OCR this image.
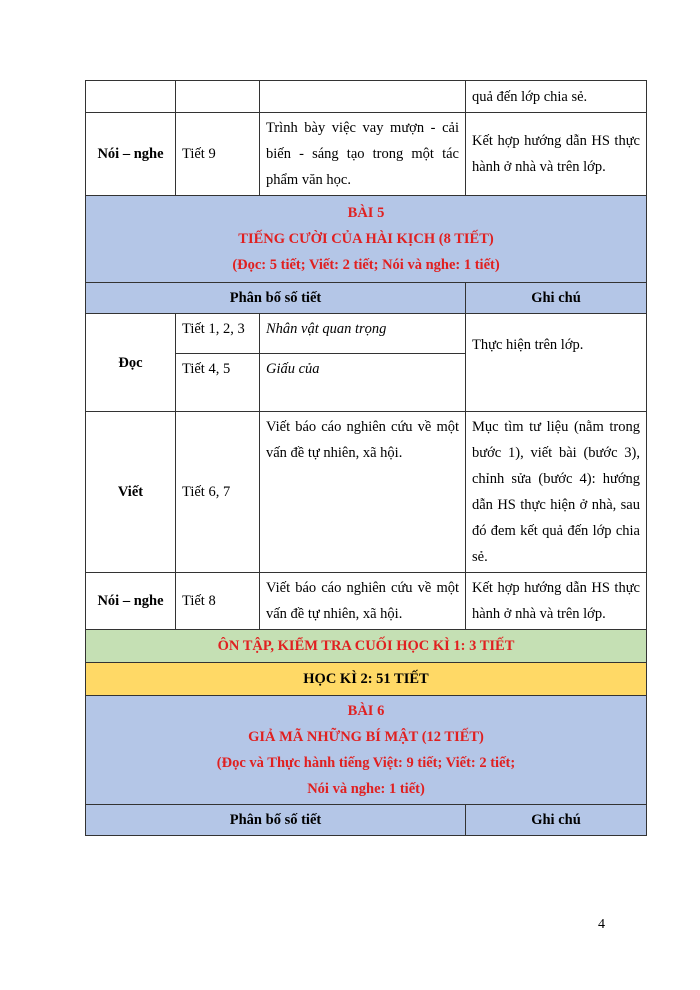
			quả đến lớp chia sẻ.
Nói – nghe	Tiết 9	Trình bày việc vay mượn - cải biến - sáng tạo trong một tác phẩm văn học.	Kết hợp hướng dẫn HS thực hành ở nhà và trên lớp.

BÀI 5
TIẾNG CƯỜI CỦA HÀI KỊCH (8 TIẾT)
(Đọc: 5 tiết; Viết: 2 tiết; Nói và nghe: 1 tiết)			

Phân bố số tiết			Ghi chú
Đọc	Tiết 1, 2, 3	Nhân vật quan trọng	Thực hiện trên lớp.
	Tiết 4, 5	Giấu của	
Viết	Tiết 6, 7	Viết báo cáo nghiên cứu về một vấn đề tự nhiên, xã hội.	Mục tìm tư liệu (nằm trong bước 1), viết bài (bước 3), chỉnh sửa (bước 4): hướng dẫn HS thực hiện ở nhà, sau đó đem kết quả đến lớp chia sẻ.
Nói – nghe	Tiết 8	Viết báo cáo nghiên cứu về một vấn đề tự nhiên, xã hội.	Kết hợp hướng dẫn HS thực hành ở nhà và trên lớp.
ÔN TẬP, KIỂM TRA CUỐI HỌC KÌ 1: 3 TIẾT			
HỌC KÌ 2: 51 TIẾT			

BÀI 6
GIẢ MÃ NHỮNG BÍ MẬT (12 TIẾT)
(Đọc và Thực hành tiếng Việt: 9 tiết; Viết: 2 tiết;
Nói và nghe: 1 tiết)			

Phân bố số tiết			Ghi chú
4
